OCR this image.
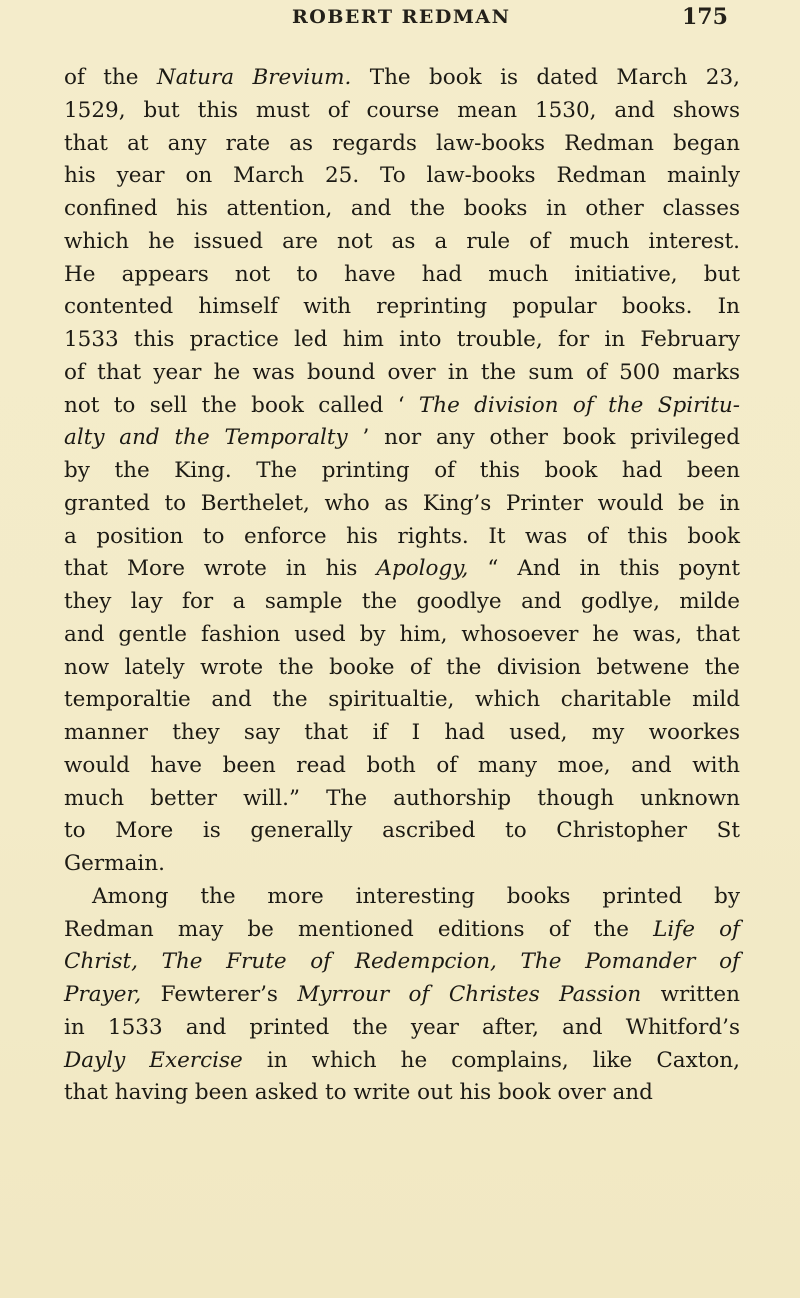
ROBERT REDMAN	175
of the Natura Brevium. The book is dated March 23,
1529, but this must of course mean 1530, and shows
that at any rate as regards law-books Redman began
his year on March 25. To law-books Redman mainly
confined his attention, and the books in other classes
which he issued are not as a rule of much interest.
He appears not to have had much initiative, but
contented himself with reprinting popular books. In
1533 this practice led him into trouble, for in February
of that year he was bound over in the sum of 500 marks
not to sell the book called ‘ The division of the Spiritu-
alty and the Temporalty ’ nor any other book privileged
by the King. The printing of this book had been
granted to Berthelet, who as King’s Printer would be in
a position to enforce his rights. It was of this book
that More wrote in his Apology, “ And in this poynt
they lay for a sample the goodlye and godlye, milde
and gentle fashion used by him, whosoever he was, that
now lately wrote the booke of the division betwene the
temporaltie and the spiritualtie, which charitable mild
manner they say that if I had used, my woorkes
would have been read both of many moe, and with
much better will.” The authorship though unknown
to More is generally ascribed to Christopher St
Germain.
Among the more interesting books printed by
Redman may be mentioned editions of the Life of
Christ, The Frute of Redempcion, The Pomander of
Prayer, Fewterer’s Myrrour of Christes Passion written
in 1533 and printed the year after, and Whitford’s
Dayly Exercise in which he complains, like Caxton,
that having been asked to write out his book over and
